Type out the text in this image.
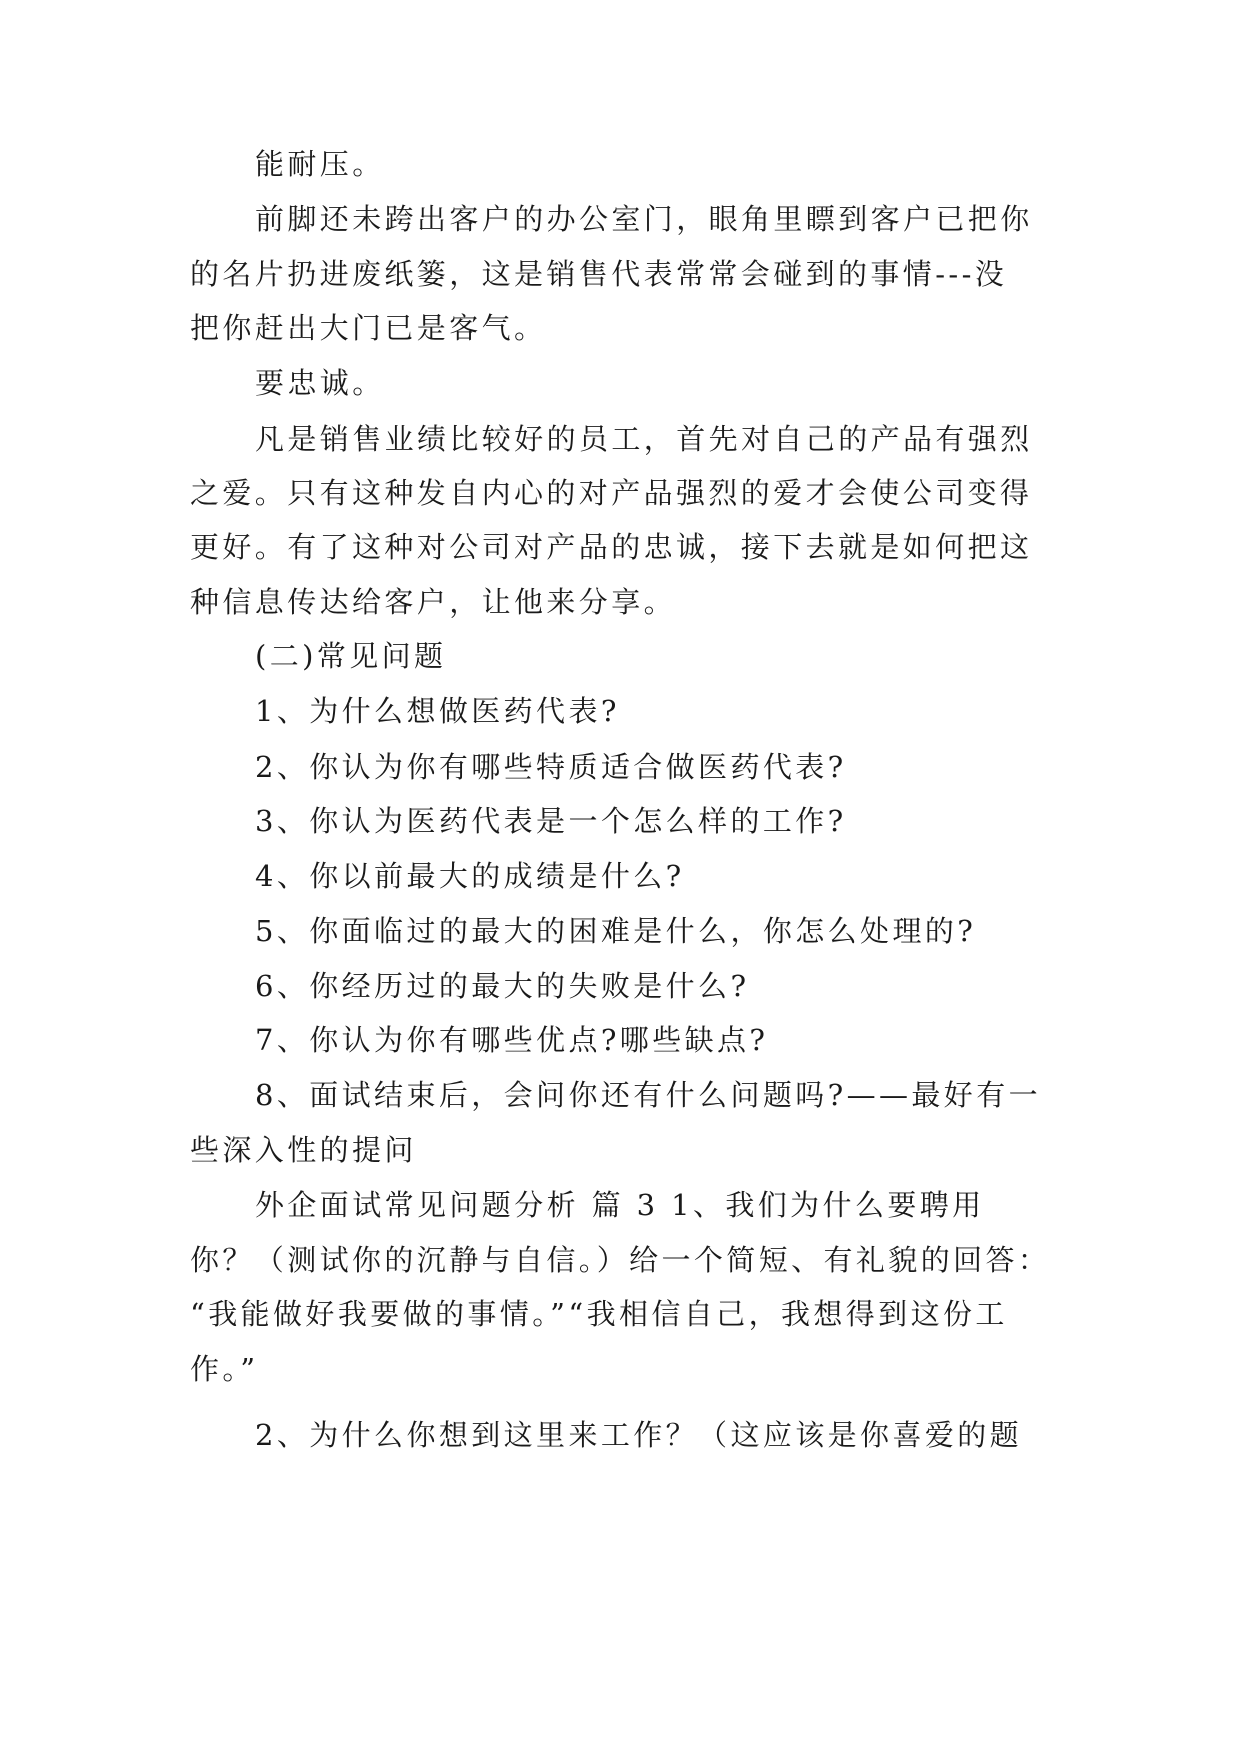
能耐压。
前脚还未跨出客户的办公室门，眼角里瞟到客户已把你
的名片扔进废纸篓，这是销售代表常常会碰到的事情---没
把你赶出大门已是客气。
要忠诚。
凡是销售业绩比较好的员工，首先对自己的产品有强烈
之爱。只有这种发自内心的对产品强烈的爱才会使公司变得
更好。有了这种对公司对产品的忠诚，接下去就是如何把这
种信息传达给客户，让他来分享。
(二)常见问题
1、为什么想做医药代表?
2、你认为你有哪些特质适合做医药代表?
3、你认为医药代表是一个怎么样的工作?
4、你以前最大的成绩是什么?
5、你面临过的最大的困难是什么，你怎么处理的?
6、你经历过的最大的失败是什么?
7、你认为你有哪些优点?哪些缺点?
8、面试结束后，会问你还有什么问题吗?——最好有一
些深入性的提问
外企面试常见问题分析 篇 3 1、我们为什么要聘用
你？（测试你的沉静与自信。）给一个简短、有礼貌的回答：
“我能做好我要做的事情。”“我相信自己，我想得到这份工
作。”
2、为什么你想到这里来工作？（这应该是你喜爱的题
